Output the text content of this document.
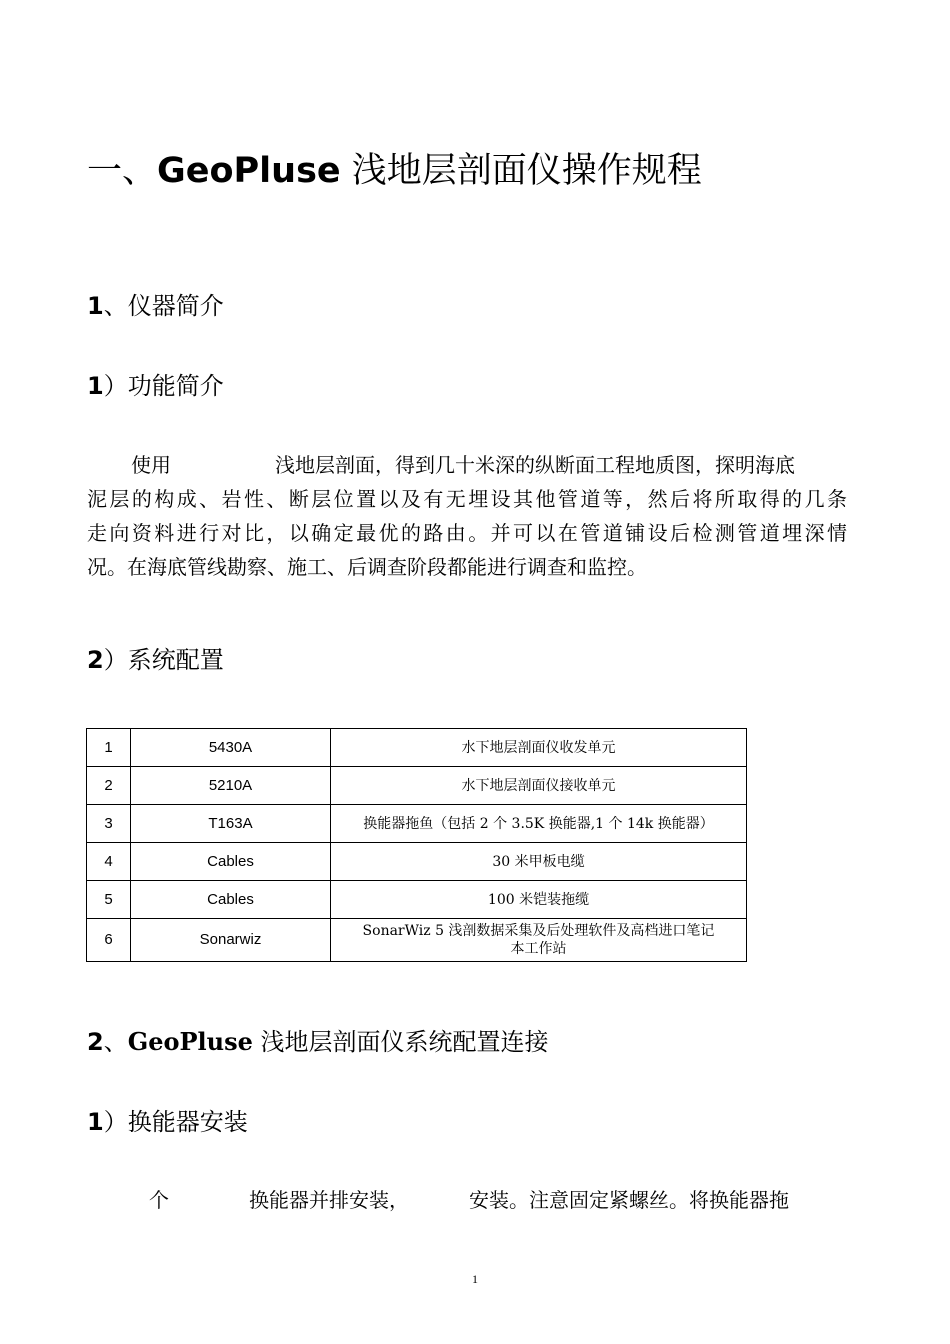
一、GeoPluse 浅地层剖面仪操作规程
1、仪器简介
1）功能简介
使用	浅地层剖面，得到几十米深的纵断面工程地质图，探明海底
泥层的构成、岩性、断层位置以及有无埋设其他管道等，然后将所取得的几条
走向资料进行对比，以确定最优的路由。并可以在管道铺设后检测管道埋深情
况。在海底管线勘察、施工、后调查阶段都能进行调查和监控。
2）系统配置
1	5430A	水下地层剖面仪收发单元
2	5210A	水下地层剖面仪接收单元
3	T163A	换能器拖鱼（包括 2 个 3.5K 换能器,1 个 14k 换能器）
4	Cables	30 米甲板电缆
5	Cables	100 米铠装拖缆
6	Sonarwiz	SonarWiz 5 浅剖数据采集及后处理软件及高档进口笔记
本工作站
2、GeoPluse 浅地层剖面仪系统配置连接
1）换能器安装
个	换能器并排安装，	安装。注意固定紧螺丝。将换能器拖
1
